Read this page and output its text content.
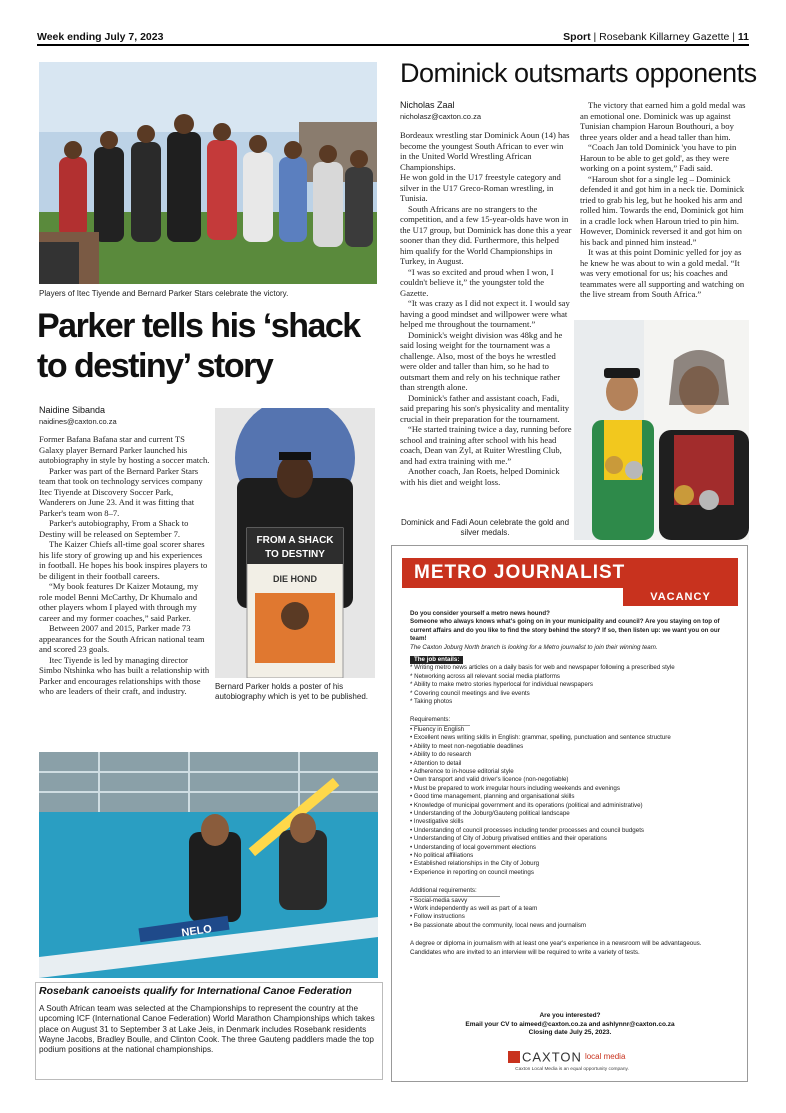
Week ending July 7, 2023	Sport | Rosebank Killarney Gazette | 11
Players of Itec Tiyende and Bernard Parker Stars celebrate the victory.
Parker tells his ‘shack
to destiny’ story
Naidine Sibanda
naidines@caxton.co.za

Former Bafana Bafana star and current TS Galaxy player Bernard Parker launched his autobiography in style by hosting a soccer match.

Parker was part of the Bernard Parker Stars team that took on technology services company Itec Tiyende at Discovery Soccer Park, Wanderers on June 23. And it was fitting that Parker's team won 8–7.

Parker's autobiography, From a Shack to Destiny will be released on September 7.

The Kaizer Chiefs all-time goal scorer shares his life story of growing up and his experiences in football. He hopes his book inspires players to be diligent in their football careers.

“My book features Dr Kaizer Motaung, my role model Benni McCarthy, Dr Khumalo and other players whom I played with through my career and my former coaches,” said Parker.

Between 2007 and 2015, Parker made 73 appearances for the South African national team and scored 23 goals.

Itec Tiyende is led by managing director Simbo Ntshinka who has built a relationship with Parker and encourages relationships with those who are leaders of their craft, and industry.

FROM A SHACK
TO DESTINY
DIE HOND
Bernard Parker holds a poster of his autobiography which is yet to be published.
NELO
Rosebank canoeists qualify for International Canoe Federation
A South African team was selected at the Championships to represent the country at the upcoming ICF (International Canoe Federation) World Marathon Championships which takes place on August 31 to September 3 at Lake Jeis, in Denmark includes Rosebank residents Wayne Jacobs, Bradley Boulle, and Clinton Cook. The three Gauteng paddlers made the top podium positions at the national championships.
Dominick outsmarts opponents
Nicholas Zaal
nicholasz@caxton.co.za

Bordeaux wrestling star Dominick Aoun (14) has become the youngest South African to ever win in the United World Wrestling African Championships.

He won gold in the U17 freestyle category and silver in the U17 Greco-Roman wrestling, in Tunisia.

South Africans are no strangers to the competition, and a few 15-year-olds have won in the U17 group, but Dominick has done this a year sooner than they did. Furthermore, this helped him qualify for the World Championships in Turkey, in August.

“I was so excited and proud when I won, I couldn't believe it,” the youngster told the Gazette.

“It was crazy as I did not expect it. I would say having a good mindset and willpower were what helped me throughout the tournament.”

Dominick's weight division was 48kg and he said losing weight for the tournament was a challenge. Also, most of the boys he wrestled were older and taller than him, so he had to outsmart them and rely on his technique rather than strength alone.

Dominick's father and assistant coach, Fadi, said preparing his son's physicality and mentality crucial in their preparation for the tournament.

“He started training twice a day, running before school and training after school with his head coach, Dean van Zyl, at Ruiter Wrestling Club, and had extra training with me.”

Another coach, Jan Roets, helped Dominick with his diet and weight loss.

The victory that earned him a gold medal was an emotional one. Dominick was up against Tunisian champion Haroun Bouthouri, a boy three years older and a head taller than him.

“Coach Jan told Dominick 'you have to pin Haroun to be able to get gold', as they were working on a point system,” Fadi said.

“Haroun shot for a single leg – Dominick defended it and got him in a neck tie. Dominick tried to grab his leg, but he hooked his arm and rolled him. Towards the end, Dominick got him in a cradle lock when Haroun tried to pin him. However, Dominick reversed it and got him on his back and pinned him instead.”

It was at this point Dominic yelled for joy as he knew he was about to win a gold medal. “It was very emotional for us; his coaches and teammates were all supporting and watching on the live stream from South Africa.”

Dominick and Fadi Aoun celebrate the gold and silver medals.
METRO JOURNALIST
VACANCY
Do you consider yourself a metro news hound?
Someone who always knows what's going on in your municipality and council? Are you staying on top of current affairs and do you like to find the story behind the story? If so, then listen up: we want you on our team!
The Caxton Joburg North branch is looking for a Metro journalist to join their winning team.
The job entails:
* Writing metro news articles on a daily basis for web and newspaper following a prescribed style
* Networking across all relevant social media platforms
* Ability to make metro stories hyperlocal for individual newspapers
* Covering council meetings and live events
* Taking photos
Requirements:
• Fluency in English
• Excellent news writing skills in English: grammar, spelling, punctuation and sentence structure
• Ability to meet non-negotiable deadlines
• Ability to do research
• Attention to detail
• Adherence to in-house editorial style
• Own transport and valid driver's licence (non-negotiable)
• Must be prepared to work irregular hours including weekends and evenings
• Good time management, planning and organisational skills
• Knowledge of municipal government and its operations (political and administrative)
• Understanding of the Joburg/Gauteng political landscape
• Investigative skills
• Understanding of council processes including tender processes and council budgets
• Understanding of City of Joburg privatised entities and their operations
• Understanding of local government elections
• No political affiliations
• Established relationships in the City of Joburg
• Experience in reporting on council meetings
Additional requirements:
• Social-media savvy
• Work independently as well as part of a team
• Follow instructions
• Be passionate about the community, local news and journalism
A degree or diploma in journalism with at least one year's experience in a newsroom will be advantageous.
Candidates who are invited to an interview will be required to write a variety of tests.
Are you interested?
Email your CV to aimeed@caxton.co.za and ashlynnr@caxton.co.za
Closing date July 25, 2023.
CAXTON local media
Caxton Local Media is an equal opportunity company.
